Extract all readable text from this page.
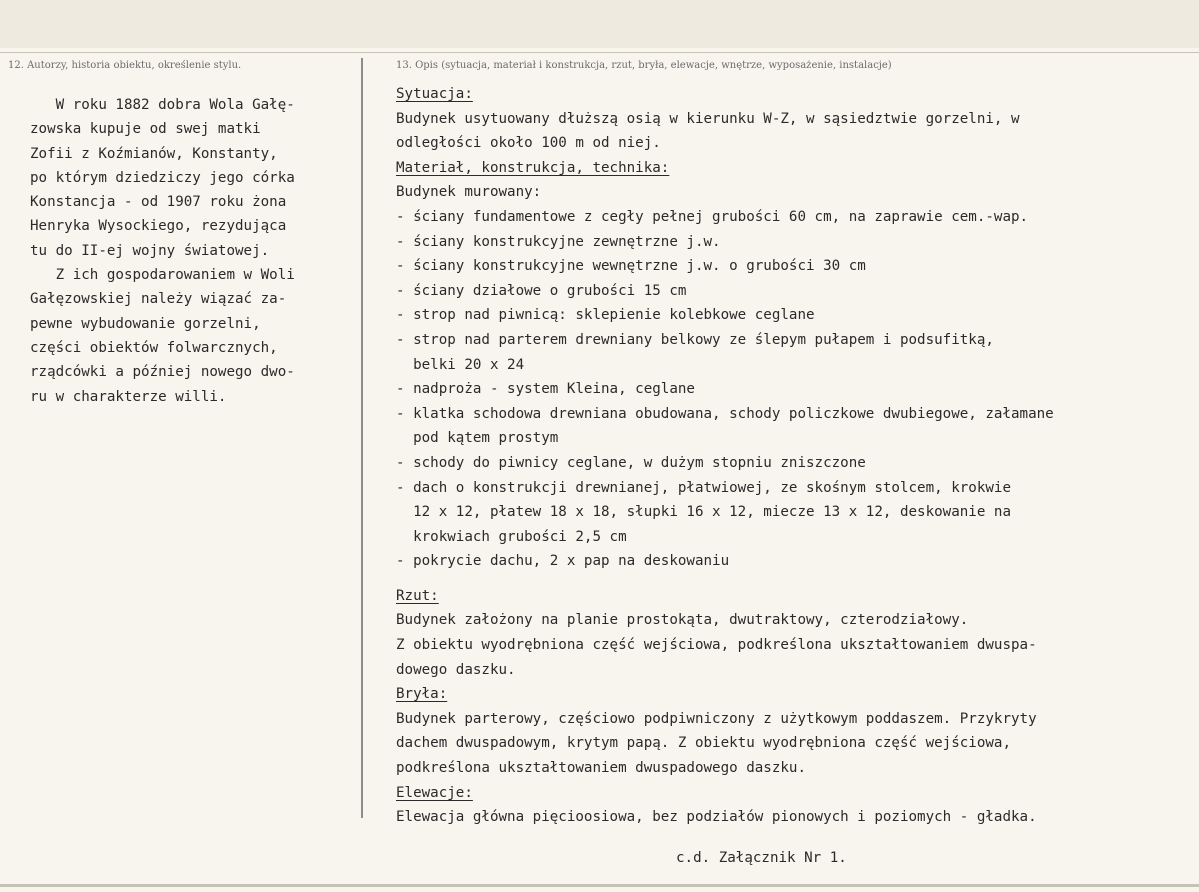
12. Autorzy, historia obiektu, określenie stylu.	13. Opis (sytuacja, materiał i konstrukcja, rzut, bryła, elewacje, wnętrze, wyposażenie, instalacje)

W roku 1882 dobra Wola Gałę-

zowska kupuje od swej matki

Zofii z Koźmianów, Konstanty,

po którym dziedziczy jego córka

Konstancja - od 1907 roku żona

Henryka Wysockiego, rezydująca

tu do II-ej wojny światowej.

Z ich gospodarowaniem w Woli

Gałęzowskiej należy wiązać za-

pewne wybudowanie gorzelni,

części obiektów folwarcznych,

rządcówki a później nowego dwo-

ru w charakterze willi.

Sytuacja:
Budynek usytuowany dłuższą osią w kierunku W-Z, w sąsiedztwie gorzelni, w
odległości około 100 m od niej.
Materiał, konstrukcja, technika:
Budynek murowany:
- ściany fundamentowe z cegły pełnej grubości 60 cm, na zaprawie cem.-wap.
- ściany konstrukcyjne zewnętrzne j.w.
- ściany konstrukcyjne wewnętrzne j.w. o grubości 30 cm
- ściany działowe o grubości 15 cm
- strop nad piwnicą: sklepienie kolebkowe ceglane
- strop nad parterem drewniany belkowy ze ślepym pułapem i podsufitką,
belki 20 x 24
- nadproża - system Kleina, ceglane
- klatka schodowa drewniana obudowana, schody policzkowe dwubiegowe, załamane
pod kątem prostym
- schody do piwnicy ceglane, w dużym stopniu zniszczone
- dach o konstrukcji drewnianej, płatwiowej, ze skośnym stolcem, krokwie
12 x 12, płatew 18 x 18, słupki 16 x 12, miecze 13 x 12, deskowanie na
krokwiach grubości 2,5 cm
- pokrycie dachu, 2 x pap na deskowaniu
Rzut:
Budynek założony na planie prostokąta, dwutraktowy, czterodziałowy.
Z obiektu wyodrębniona część wejściowa, podkreślona ukształtowaniem dwuspa-
dowego daszku.
Bryła:
Budynek parterowy, częściowo podpiwniczony z użytkowym poddaszem. Przykryty
dachem dwuspadowym, krytym papą. Z obiektu wyodrębniona część wejściowa,
podkreślona ukształtowaniem dwuspadowego daszku.
Elewacje:
Elewacja główna pięcioosiowa, bez podziałów pionowych i poziomych - gładka.
c.d. Załącznik Nr 1.
